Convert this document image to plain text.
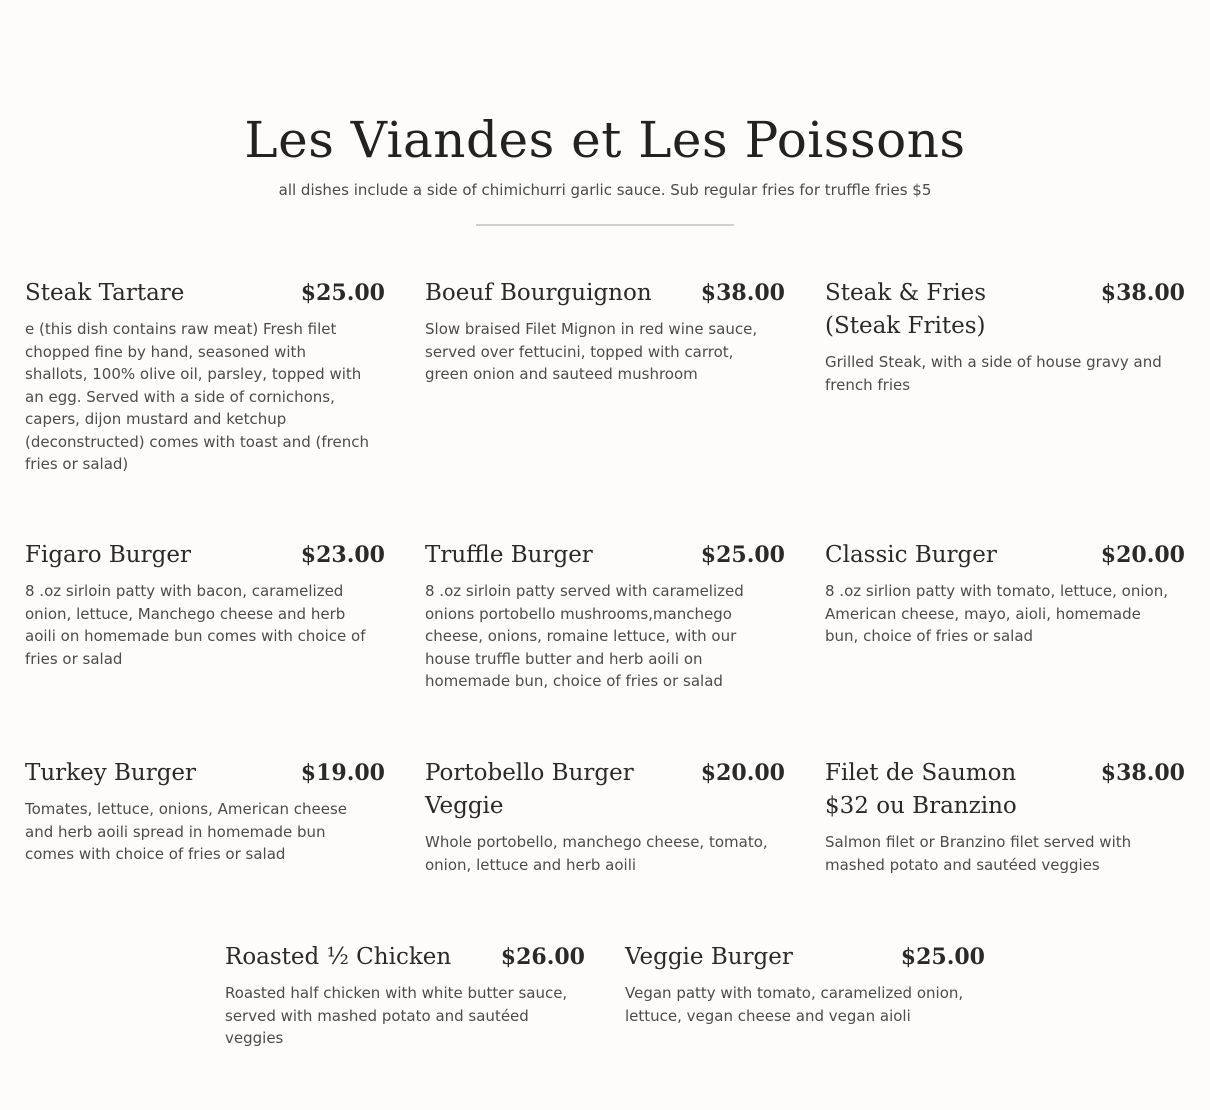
Les Viandes et Les Poissons
all dishes include a side of chimichurri garlic sauce. Sub regular fries for truffle fries $5
Steak Tartare	$25.00
e (this dish contains raw meat) Fresh filet chopped fine by hand, seasoned with shallots, 100% olive oil, parsley, topped with an egg. Served with a side of cornichons, capers, dijon mustard and ketchup (deconstructed) comes with toast and (french fries or salad)
Boeuf Bourguignon $38.00
Slow braised Filet Mignon in red wine sauce, served over fettucini, topped with carrot, green onion and sauteed mushroom
Steak & Fries (Steak Frites)
$38.00
Grilled Steak, with a side of house gravy and french fries
Figaro Burger	$23.00
8 .oz sirloin patty with bacon, caramelized onion, lettuce, Manchego cheese and herb aoili on homemade bun comes with choice of fries or salad
Truffle Burger	$25.00
8 .oz sirloin patty served with caramelized onions portobello mushrooms,manchego cheese, onions, romaine lettuce, with our house truffle butter and herb aoili on homemade bun, choice of fries or salad
Classic Burger	$20.00
8 .oz sirlion patty with tomato, lettuce, onion, American cheese, mayo, aioli, homemade bun, choice of fries or salad
Turkey Burger	$19.00
Tomates, lettuce, onions, American cheese and herb aoili spread in homemade bun comes with choice of fries or salad
Portobello Burger Veggie
$20.00
Whole portobello, manchego cheese, tomato, onion, lettuce and herb aoili
Filet de Saumon $32 ou Branzino
$38.00
Salmon filet or Branzino filet served with mashed potato and sautéed veggies
Roasted ½ Chicken $26.00
Roasted half chicken with white butter sauce, served with mashed potato and sautéed veggies
Veggie Burger	$25.00
Vegan patty with tomato, caramelized onion, lettuce, vegan cheese and vegan aioli
